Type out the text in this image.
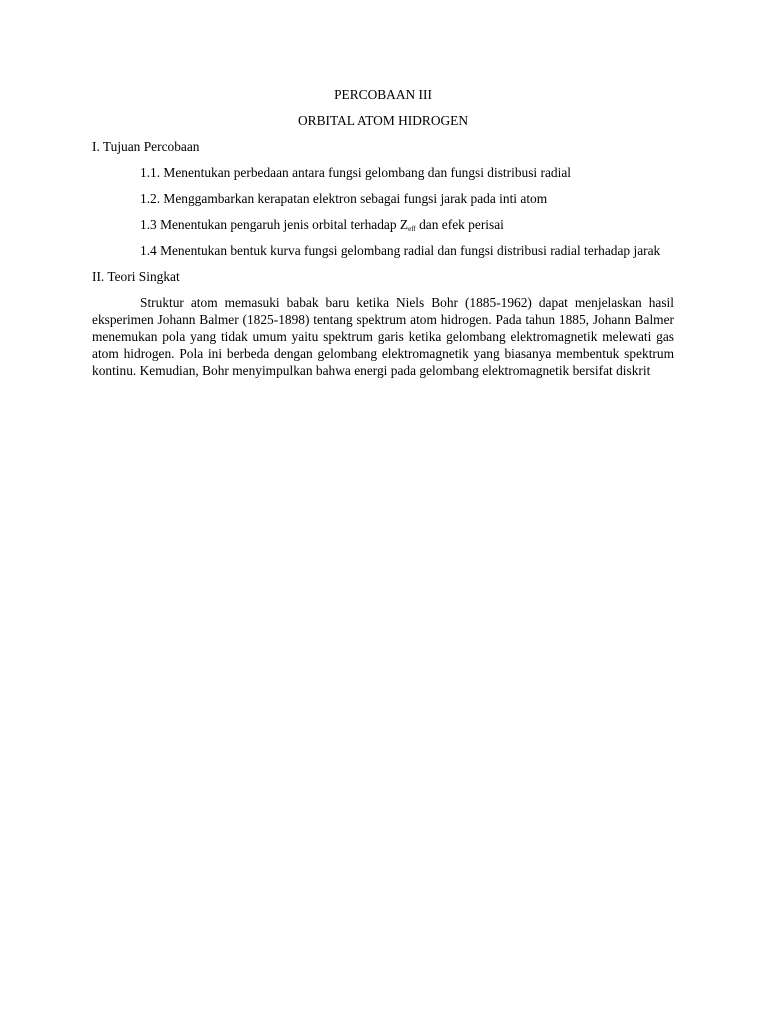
PERCOBAAN III

ORBITAL ATOM HIDROGEN

I. Tujuan Percobaan

1.1. Menentukan perbedaan antara fungsi gelombang dan fungsi distribusi radial

1.2. Menggambarkan kerapatan elektron sebagai fungsi jarak pada inti atom

1.3 Menentukan pengaruh jenis orbital terhadap $Z_{eff}$ dan efek perisai

1.4 Menentukan bentuk kurva fungsi gelombang radial dan fungsi distribusi radial terhadap jarak

II. Teori Singkat

Struktur atom memasuki babak baru ketika Niels Bohr (1885-1962) dapat menjelaskan hasil eksperimen Johann Balmer (1825-1898) tentang spektrum atom hidrogen. Pada tahun 1885, Johann Balmer menemukan pola yang tidak umum yaitu spektrum garis ketika gelombang elektromagnetik melewati gas atom hidrogen. Pola ini berbeda dengan gelombang elektromagnetik yang biasanya membentuk spektrum kontinu. Kemudian, Bohr menyimpulkan bahwa energi pada gelombang elektromagnetik bersifat diskrit
